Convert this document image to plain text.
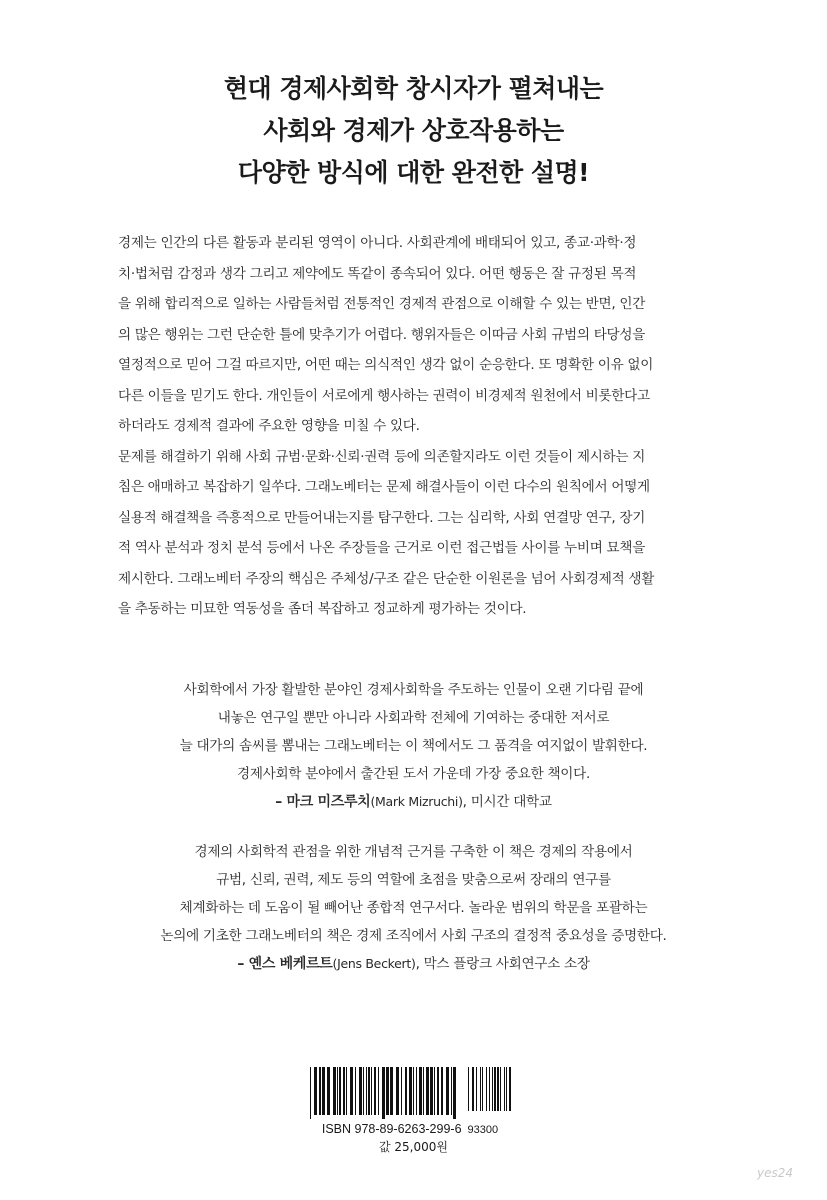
현대 경제사회학 창시자가 펼쳐내는
사회와 경제가 상호작용하는
다양한 방식에 대한 완전한 설명!
경제는 인간의 다른 활동과 분리된 영역이 아니다. 사회관계에 배태되어 있고, 종교·과학·정
치·법처럼 감정과 생각 그리고 제약에도 똑같이 종속되어 있다. 어떤 행동은 잘 규정된 목적
을 위해 합리적으로 일하는 사람들처럼 전통적인 경제적 관점으로 이해할 수 있는 반면, 인간
의 많은 행위는 그런 단순한 틀에 맞추기가 어렵다. 행위자들은 이따금 사회 규범의 타당성을
열정적으로 믿어 그걸 따르지만, 어떤 때는 의식적인 생각 없이 순응한다. 또 명확한 이유 없이
다른 이들을 믿기도 한다. 개인들이 서로에게 행사하는 권력이 비경제적 원천에서 비롯한다고
하더라도 경제적 결과에 주요한 영향을 미칠 수 있다.
문제를 해결하기 위해 사회 규범·문화·신뢰·권력 등에 의존할지라도 이런 것들이 제시하는 지
침은 애매하고 복잡하기 일쑤다. 그래노베터는 문제 해결사들이 이런 다수의 원칙에서 어떻게
실용적 해결책을 즉흥적으로 만들어내는지를 탐구한다. 그는 심리학, 사회 연결망 연구, 장기
적 역사 분석과 정치 분석 등에서 나온 주장들을 근거로 이런 접근법들 사이를 누비며 묘책을
제시한다. 그래노베터 주장의 핵심은 주체성/구조 같은 단순한 이원론을 넘어 사회경제적 생활
을 추동하는 미묘한 역동성을 좀더 복잡하고 정교하게 평가하는 것이다.
사회학에서 가장 활발한 분야인 경제사회학을 주도하는 인물이 오랜 기다림 끝에
내놓은 연구일 뿐만 아니라 사회과학 전체에 기여하는 중대한 저서로
늘 대가의 솜씨를 뽐내는 그래노베터는 이 책에서도 그 품격을 여지없이 발휘한다.
경제사회학 분야에서 출간된 도서 가운데 가장 중요한 책이다.
– 마크 미즈루치(Mark Mizruchi), 미시간 대학교
경제의 사회학적 관점을 위한 개념적 근거를 구축한 이 책은 경제의 작용에서
규범, 신뢰, 권력, 제도 등의 역할에 초점을 맞춤으로써 장래의 연구를
체계화하는 데 도움이 될 빼어난 종합적 연구서다. 놀라운 범위의 학문을 포괄하는
논의에 기초한 그래노베터의 책은 경제 조직에서 사회 구조의 결정적 중요성을 증명한다.
– 옌스 베케르트(Jens Beckert), 막스 플랑크 사회연구소 소장
ISBN 978-89-6263-299-6 93300
값 25,000원
yes24
